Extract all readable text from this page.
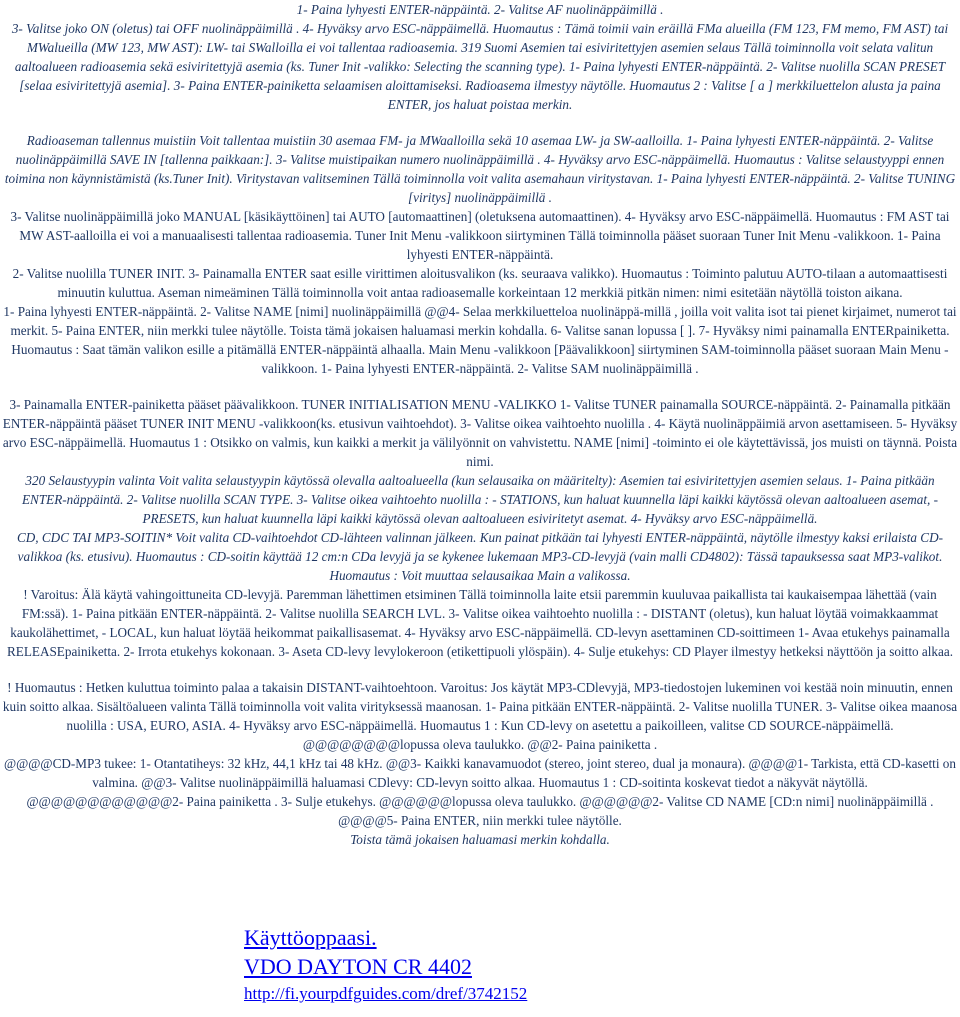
1- Paina lyhyesti ENTER-näppäintä. 2- Valitse AF nuolinäppäimillä .

3- Valitse joko ON (oletus) tai OFF nuolinäppäimillä . 4- Hyväksy arvo ESC-näppäimellä. Huomautus : Tämä toimii vain eräillä FMa alueilla (FM 123, FM memo, FM AST) tai MWalueilla (MW 123, MW AST): LW- tai SWalloilla ei voi tallentaa radioasemia. 319 Suomi Asemien tai esiviritettyjen asemien selaus Tällä toiminnolla voit selata valitun aaltoalueen radioasemia sekä esiviritettyjä asemia (ks. Tuner Init -valikko: Selecting the scanning type). 1- Paina lyhyesti ENTER-näppäintä. 2- Valitse nuolilla SCAN PRESET [selaa esiviritettyjä asemia]. 3- Paina ENTER-painiketta selaamisen aloittamiseksi. Radioasema ilmestyy näytölle. Huomautus 2 : Valitse [ a ] merkkiluettelon alusta ja paina ENTER, jos haluat poistaa merkin.

Radioaseman tallennus muistiin Voit tallentaa muistiin 30 asemaa FM- ja MWaalloilla sekä 10 asemaa LW- ja SW-aalloilla. 1- Paina lyhyesti ENTER-näppäintä. 2- Valitse nuolinäppäimillä SAVE IN [tallenna paikkaan:]. 3- Valitse muistipaikan numero nuolinäppäimillä . 4- Hyväksy arvo ESC-näppäimellä. Huomautus : Valitse selaustyyppi ennen toimina non käynnistämistä (ks.Tuner Init). Viritystavan valitseminen Tällä toiminnolla voit valita asemahaun viritystavan. 1- Paina lyhyesti ENTER-näppäintä. 2- Valitse TUNING [viritys] nuolinäppäimillä .

3- Valitse nuolinäppäimillä joko MANUAL [käsikäyttöinen] tai AUTO [automaattinen] (oletuksena automaattinen). 4- Hyväksy arvo ESC-näppäimellä. Huomautus : FM AST tai MW AST-aalloilla ei voi a manuaalisesti tallentaa radioasemia. Tuner Init Menu -valikkoon siirtyminen Tällä toiminnolla pääset suoraan Tuner Init Menu -valikkoon. 1- Paina lyhyesti ENTER-näppäintä.

2- Valitse nuolilla TUNER INIT. 3- Painamalla ENTER saat esille virittimen aloitusvalikon (ks. seuraava valikko). Huomautus : Toiminto palutuu AUTO-tilaan a automaattisesti minuutin kuluttua. Aseman nimeäminen Tällä toiminnolla voit antaa radioasemalle korkeintaan 12 merkkiä pitkän nimen: nimi esitetään näytöllä toiston aikana.

1- Paina lyhyesti ENTER-näppäintä. 2- Valitse NAME [nimi] nuolinäppäimillä @@4- Selaa merkkiluetteloa nuolinäppä-millä , joilla voit valita isot tai pienet kirjaimet, numerot tai merkit. 5- Paina ENTER, niin merkki tulee näytölle. Toista tämä jokaisen haluamasi merkin kohdalla. 6- Valitse sanan lopussa [ ]. 7- Hyväksy nimi painamalla ENTERpainiketta. Huomautus : Saat tämän valikon esille a pitämällä ENTER-näppäintä alhaalla. Main Menu -valikkoon [Päävalikkoon] siirtyminen SAM-toiminnolla pääset suoraan Main Menu -valikkoon. 1- Paina lyhyesti ENTER-näppäintä. 2- Valitse SAM nuolinäppäimillä .

3- Painamalla ENTER-painiketta pääset päävalikkoon. TUNER INITIALISATION MENU -VALIKKO 1- Valitse TUNER painamalla SOURCE-näppäintä. 2- Painamalla pitkään ENTER-näppäintä pääset TUNER INIT MENU -valikkoon(ks. etusivun vaihtoehdot). 3- Valitse oikea vaihtoehto nuolilla . 4- Käytä nuolinäppäimiä arvon asettamiseen. 5- Hyväksy arvo ESC-näppäimellä. Huomautus 1 : Otsikko on valmis, kun kaikki a merkit ja välilyönnit on vahvistettu. NAME [nimi] -toiminto ei ole käytettävissä, jos muisti on täynnä. Poista nimi.

320 Selaustyypin valinta Voit valita selaustyypin käytössä olevalla aaltoalueella (kun selausaika on määritelty): Asemien tai esiviritettyjen asemien selaus. 1- Paina pitkään ENTER-näppäintä. 2- Valitse nuolilla SCAN TYPE. 3- Valitse oikea vaihtoehto nuolilla : - STATIONS, kun haluat kuunnella läpi kaikki käytössä olevan aaltoalueen asemat, - PRESETS, kun haluat kuunnella läpi kaikki käytössä olevan aaltoalueen esiviritetyt asemat. 4- Hyväksy arvo ESC-näppäimellä.

CD, CDC TAI MP3-SOITIN* Voit valita CD-vaihtoehdot CD-lähteen valinnan jälkeen. Kun painat pitkään tai lyhyesti ENTER-näppäintä, näytölle ilmestyy kaksi erilaista CD-valikkoa (ks. etusivu). Huomautus : CD-soitin käyttää 12 cm:n CDa levyjä ja se kykenee lukemaan MP3-CD-levyjä (vain malli CD4802): Tässä tapauksessa saat MP3-valikot. Huomautus : Voit muuttaa selausaikaa Main a valikossa.

! Varoitus: Älä käytä vahingoittuneita CD-levyjä. Paremman lähettimen etsiminen Tällä toiminnolla laite etsii paremmin kuuluvaa paikallista tai kaukaisempaa lähettää (vain FM:ssä). 1- Paina pitkään ENTER-näppäintä. 2- Valitse nuolilla SEARCH LVL. 3- Valitse oikea vaihtoehto nuolilla : - DISTANT (oletus), kun haluat löytää voimakkaammat kaukolähettimet, - LOCAL, kun haluat löytää heikommat paikallisasemat. 4- Hyväksy arvo ESC-näppäimellä. CD-levyn asettaminen CD-soittimeen 1- Avaa etukehys painamalla RELEASEpainiketta. 2- Irrota etukehys kokonaan. 3- Aseta CD-levy levylokeroon (etikettipuoli ylöspäin). 4- Sulje etukehys: CD Player ilmestyy hetkeksi näyttöön ja soitto alkaa.

! Huomautus : Hetken kuluttua toiminto palaa a takaisin DISTANT-vaihtoehtoon. Varoitus: Jos käytät MP3-CDlevyjä, MP3-tiedostojen lukeminen voi kestää noin minuutin, ennen kuin soitto alkaa. Sisältöalueen valinta Tällä toiminnolla voit valita virityksessä maanosan. 1- Paina pitkään ENTER-näppäintä. 2- Valitse nuolilla TUNER. 3- Valitse oikea maanosa nuolilla : USA, EURO, ASIA. 4- Hyväksy arvo ESC-näppäimellä. Huomautus 1 : Kun CD-levy on asetettu a paikoilleen, valitse CD SOURCE-näppäimellä. @@@@@@@@lopussa oleva taulukko. @@2- Paina painiketta .

@@@@CD-MP3 tukee: 1- Otantatiheys: 32 kHz, 44,1 kHz tai 48 kHz. @@3- Kaikki kanavamuodot (stereo, joint stereo, dual ja monaura). @@@@1- Tarkista, että CD-kasetti on valmina. @@3- Valitse nuolinäppäimillä haluamasi CDlevy: CD-levyn soitto alkaa. Huomautus 1 : CD-soitinta koskevat tiedot a näkyvät näytöllä.

@@@@@@@@@@@@2- Paina painiketta . 3- Sulje etukehys. @@@@@@lopussa oleva taulukko. @@@@@@2- Valitse CD NAME [CD:n nimi] nuolinäppäimillä . @@@@5- Paina ENTER, niin merkki tulee näytölle.

Toista tämä jokaisen haluamasi merkin kohdalla.

Käyttöoppaasi.
VDO DAYTON CR 4402
http://fi.yourpdfguides.com/dref/3742152
